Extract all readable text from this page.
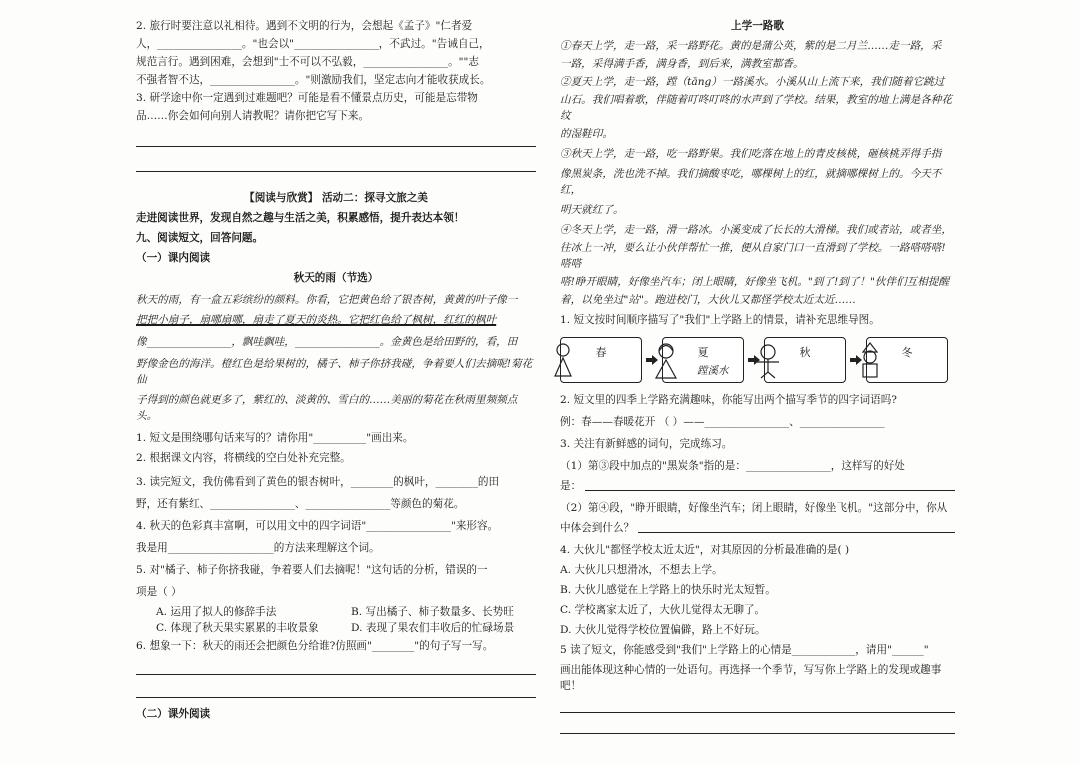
2. 旅行时要注意以礼相待。遇到不文明的行为，会想起《孟子》"仁者爱

人，________________。"也会以"________________，不武过。"告诫自己，

规范言行。遇到困难，会想到"士不可以不弘毅，________________。""志

不强者智不达，________________。"则激励我们，坚定志向才能收获成长。

3. 研学途中你一定遇到过难题吧？可能是看不懂景点历史，可能是忘带物

品……你会如何向别人请教呢？请你把它写下来。

【阅读与欣赏】 活动二：探寻文旅之美

走进阅读世界，发现自然之趣与生活之美，积累感悟，提升表达本领！

九、阅读短文，回答问题。

（一）课内阅读

秋天的雨（节选）

秋天的雨，有一盒五彩缤纷的颜料。你看，它把黄色给了银杏树，黄黄的叶子像一

把把小扇子，扇哪扇哪，扇走了夏天的炎热。它把红色给了枫树，红红的枫叶

像________________，飘哇飘哇，________________。金黄色是给田野的，看，田

野像金色的海洋。橙红色是给果树的，橘子、柿子你挤我碰，争着要人们去摘呢!菊花仙

子得到的颜色就更多了，紫红的、淡黄的、雪白的……美丽的菊花在秋雨里频频点头。

1. 短文是围绕哪句话来写的？请你用"__________"画出来。

2. 根据课文内容，将横线的空白处补充完整。

3. 读完短文，我仿佛看到了黄色的银杏树叶，________的枫叶，________的田

野，还有紫红、________________、________________等颜色的菊花。

4. 秋天的色彩真丰富啊，可以用文中的四字词语"________________"来形容。

我是用____________________的方法来理解这个词。

5. 对"橘子、柿子你挤我碰，争着要人们去摘呢！"这句话的分析，错误的一

项是（ ）

A. 运用了拟人的修辞手法	B. 写出橘子、柿子数量多、长势旺
C. 体现了秋天果实累累的丰收景象	D. 表现了果农们丰收后的忙碌场景

6. 想象一下：秋天的雨还会把颜色分给谁?仿照画"________"的句子写一写。

（二）课外阅读

上学一路歌

①春天上学，走一路，采一路野花。黄的是蒲公英，紫的是二月兰……走一路，采

一路，采得满手香，满身香，到后来，满教室都香。

②夏天上学，走一路，蹚（tāng）一路溪水。小溪从山上流下来，我们随着它跳过

山石。我们唱着歌，伴随着叮咚叮咚的水声到了学校。结果，教室的地上满是各种花纹

的湿鞋印。

③秋天上学，走一路，吃一路野果。我们吃落在地上的青皮核桃，砸核桃弄得手指

像黑炭条，洗也洗不掉。我们摘酸枣吃，哪棵树上的红，就摘哪棵树上的。今天不红，

明天就红了。

④冬天上学，走一路，滑一路冰。小溪变成了长长的大滑梯。我们或者站，或者坐，

往冰上一冲，要么让小伙伴帮忙一推，便从自家门口一直滑到了学校。一路嗒嗒嗒!嗒嗒

嗒!睁开眼睛，好像坐汽车；闭上眼睛，好像坐飞机。"到了!到了！"伙伴们互相提醒

着，以免坐过"站"。跑进校门，大伙儿又都怪学校太近太近……

1. 短文按时间顺序描写了"我们"上学路上的情景，请补充思维导图。

春	夏
蹚溪水
秋	冬

2. 短文里的四季上学路充满趣味，你能写出两个描写季节的四字词语吗?

例：春——春暖花开 （ ）——________________、________________

3. 关注有新鲜感的词句，完成练习。

（1）第③段中加点的"黑炭条"指的是：________________，这样写的好处

是：

（2）第④段，"睁开眼睛，好像坐汽车；闭上眼睛，好像坐飞机。"这部分中，你从

中体会到什么？

4. 大伙儿"都怪学校太近太近"，对其原因的分析最准确的是( )

A. 大伙儿只想滑冰，不想去上学。

B. 大伙儿感觉在上学路上的快乐时光太短暂。

C. 学校离家太近了，大伙儿觉得太无聊了。

D. 大伙儿觉得学校位置偏僻，路上不好玩。

5 读了短文，你能感受到"我们"上学路上的心情是____________，请用"______"

画出能体现这种心情的一处语句。再选择一个季节，写写你上学路上的发现或趣事吧！
